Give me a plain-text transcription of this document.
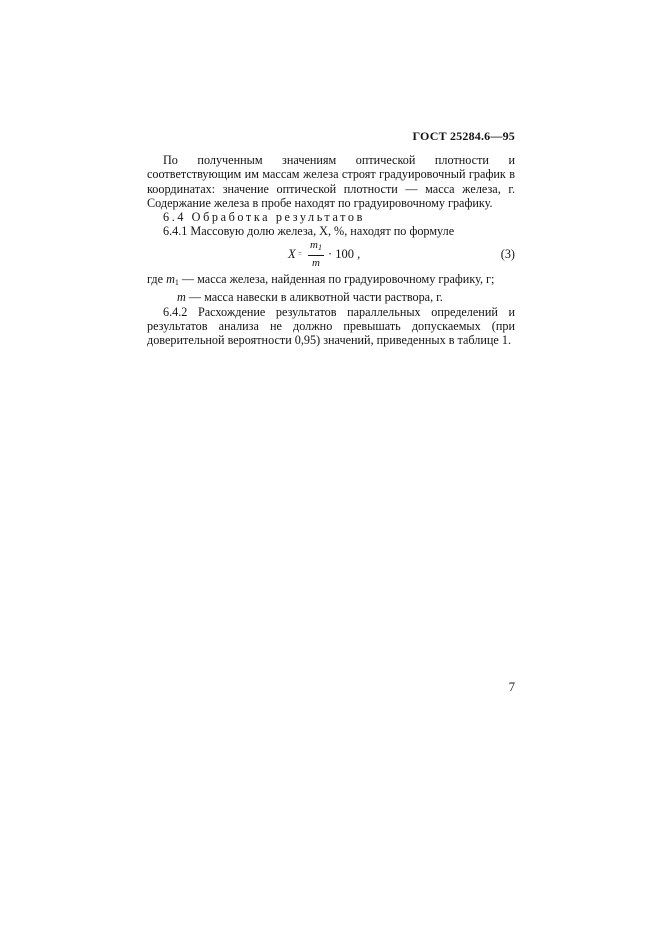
ГОСТ 25284.6—95

По полученным значениям оптической плотности и соответствующим им массам железа строят градуировочный график в координатах: значение оптической плотности — масса железа, г. Содержание железа в пробе находят по градуировочному графику.

6.4 Обработка результатов

6.4.1 Массовую долю железа, X, %, находят по формуле

X =
$m_1$
m
· 100 ,	(3)

где $m_1$ — масса железа, найденная по градуировочному графику, г;

m — масса навески в аликвотной части раствора, г.

6.4.2 Расхождение результатов параллельных определений и результатов анализа не должно превышать допускаемых (при доверительной вероятности 0,95) значений, приведенных в таблице 1.

7
